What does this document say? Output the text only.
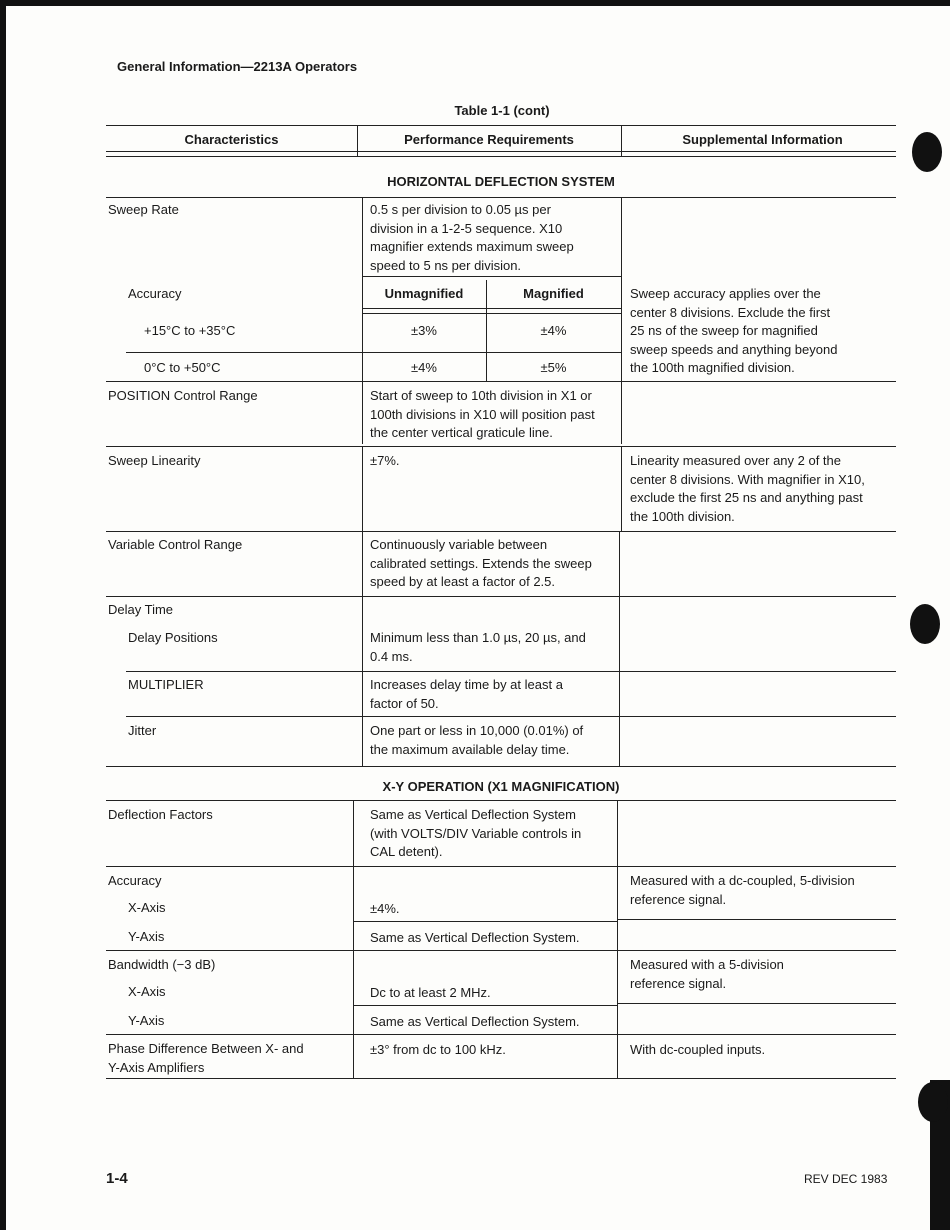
General Information—2213A Operators
Table 1-1 (cont)
Characteristics	Performance Requirements	Supplemental Information
HORIZONTAL DEFLECTION SYSTEM
Sweep Rate	0.5 s per division to 0.05 µs per
division in a 1-2-5 sequence. X10
magnifier extends maximum sweep
speed to 5 ns per division.
Accuracy	Unmagnified	Magnified	Sweep accuracy applies over the
center 8 divisions. Exclude the first
25 ns of the sweep for magnified
sweep speeds and anything beyond
the 100th magnified division.
+15°C to +35°C	±3%	±4%
0°C to +50°C	±4%	±5%
POSITION Control Range	Start of sweep to 10th division in X1 or
100th divisions in X10 will position past
the center vertical graticule line.
Sweep Linearity	±7%.	Linearity measured over any 2 of the
center 8 divisions. With magnifier in X10,
exclude the first 25 ns and anything past
the 100th division.
Variable Control Range	Continuously variable between
calibrated settings. Extends the sweep
speed by at least a factor of 2.5.
Delay Time
Delay Positions	Minimum less than 1.0 µs, 20 µs, and
0.4 ms.
MULTIPLIER	Increases delay time by at least a
factor of 50.
Jitter	One part or less in 10,000 (0.01%) of
the maximum available delay time.
X-Y OPERATION (X1 MAGNIFICATION)
Deflection Factors	Same as Vertical Deflection System
(with VOLTS/DIV Variable controls in
CAL detent).
Accuracy	Measured with a dc-coupled, 5-division
reference signal.
X-Axis	±4%.
Y-Axis	Same as Vertical Deflection System.
Bandwidth (−3 dB)	Measured with a 5-division
reference signal.
X-Axis	Dc to at least 2 MHz.
Y-Axis	Same as Vertical Deflection System.
Phase Difference Between X- and
Y-Axis Amplifiers
±3° from dc to 100 kHz.	With dc-coupled inputs.
1-4	REV DEC 1983
